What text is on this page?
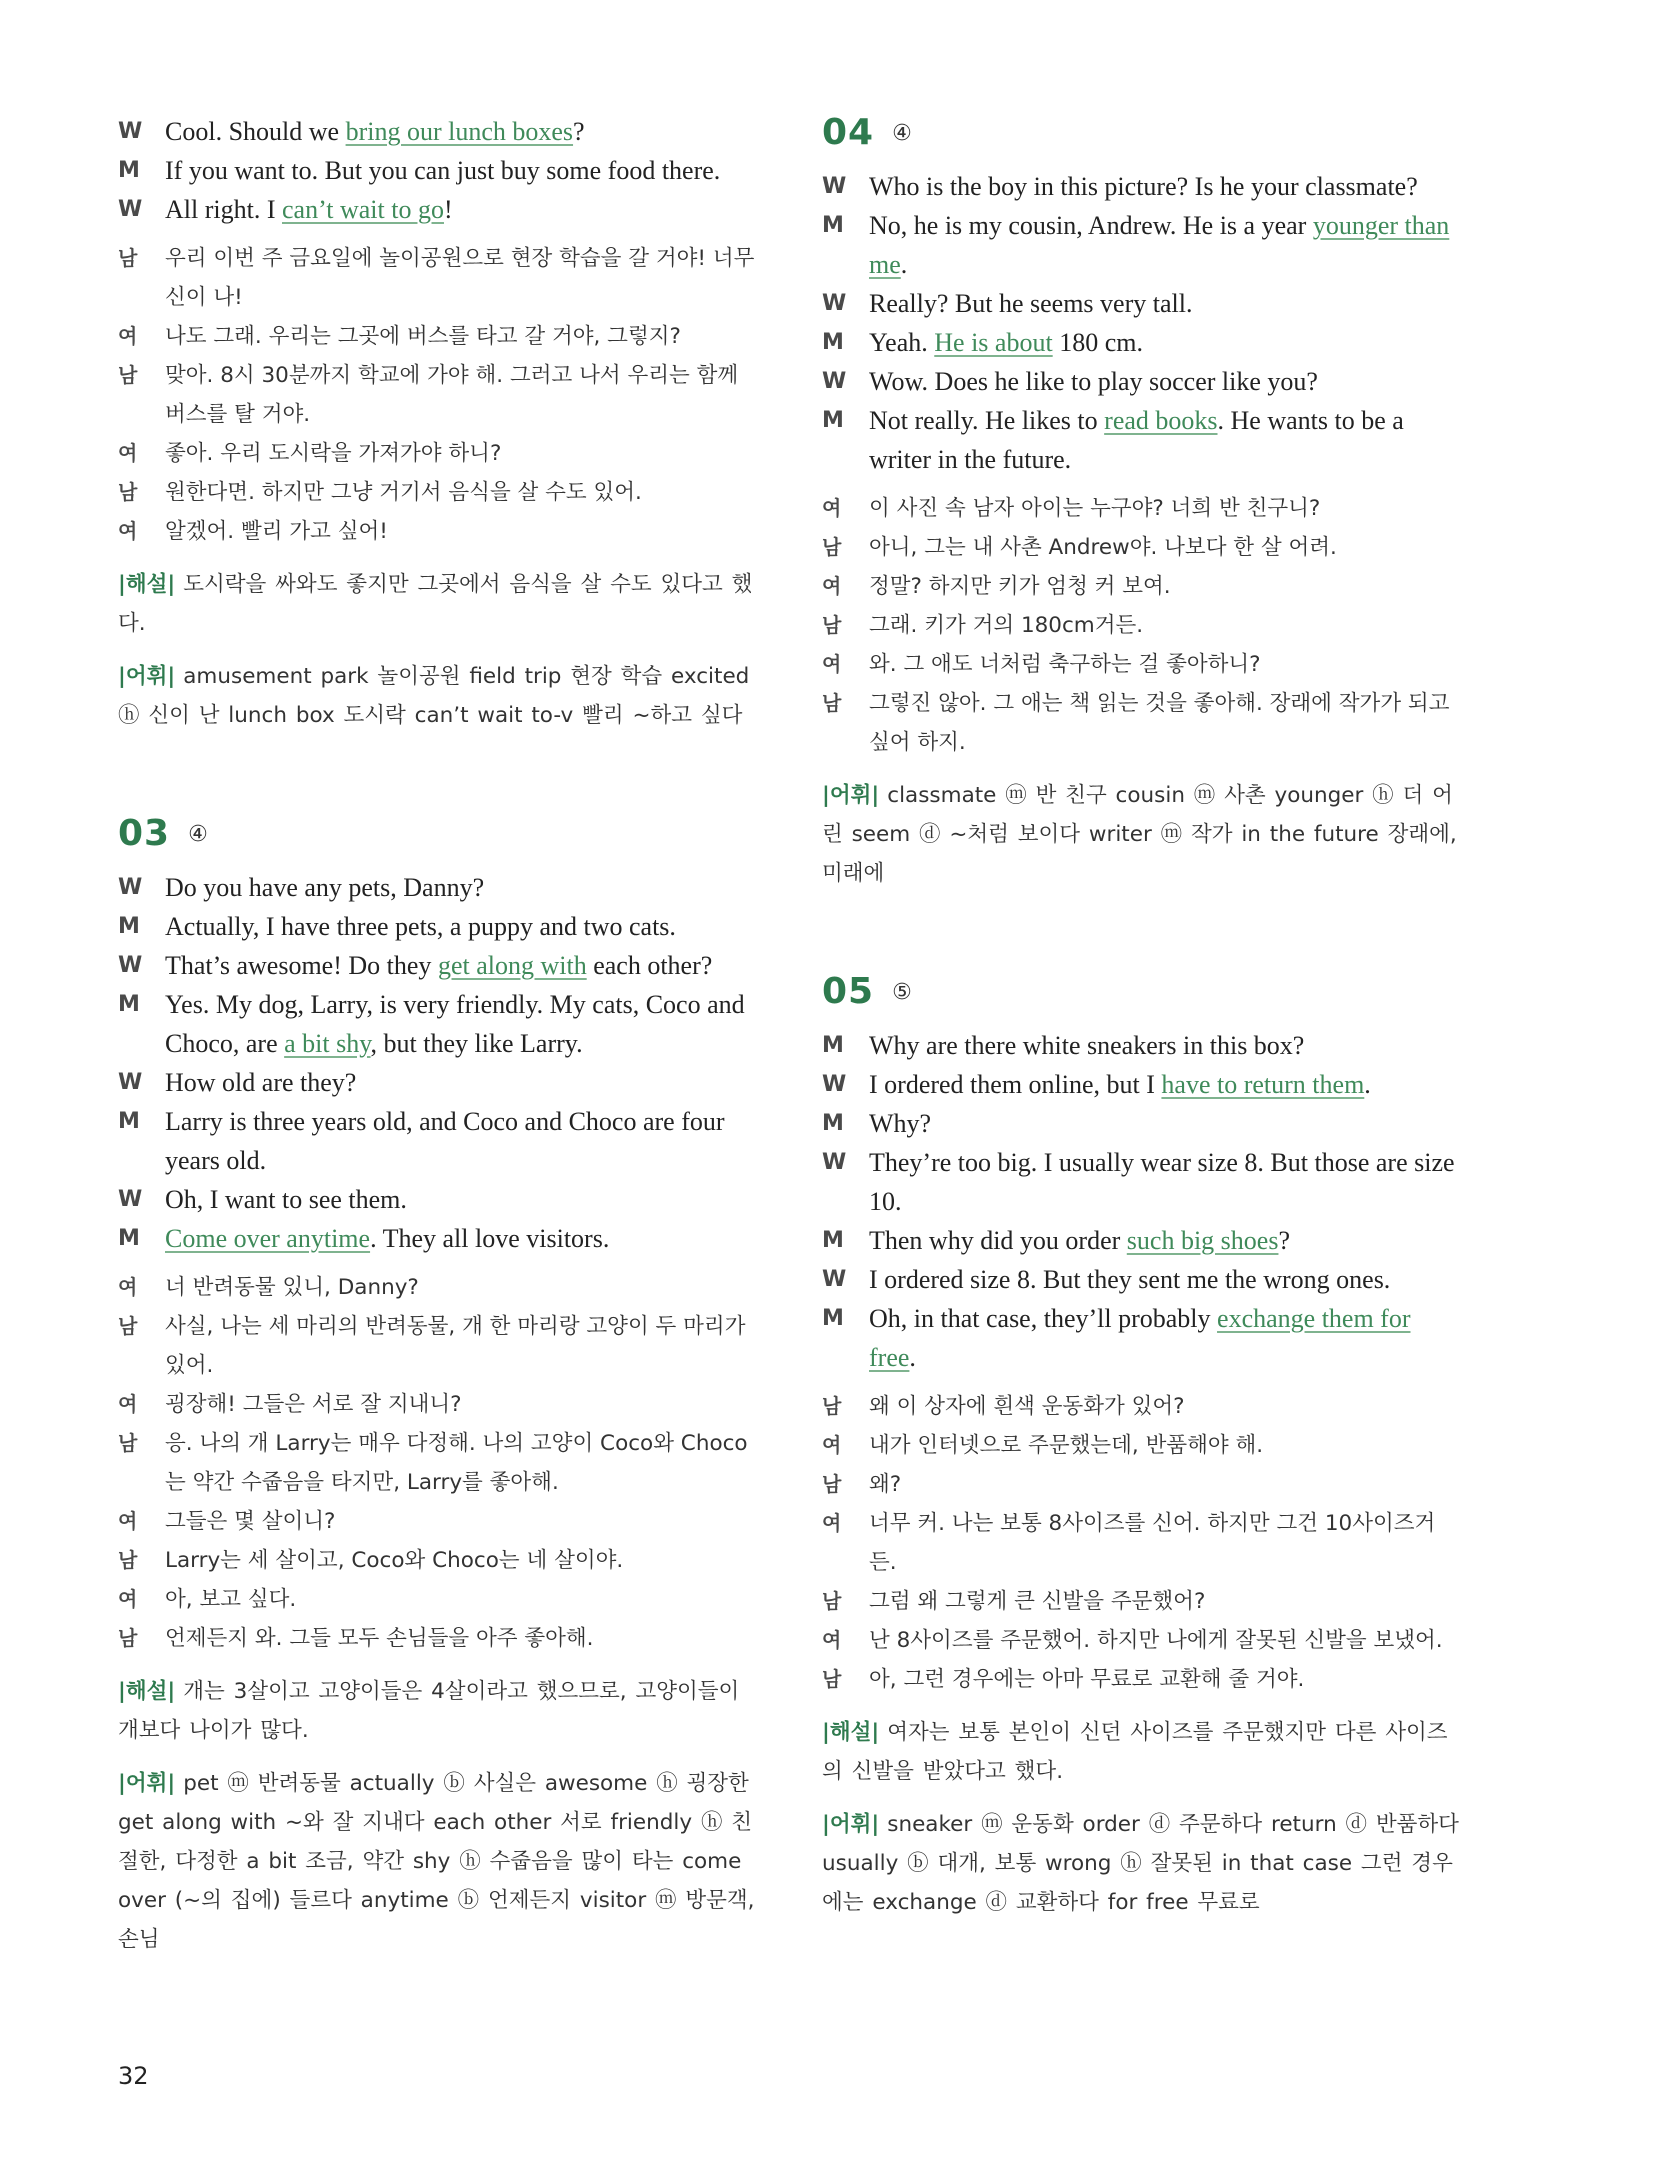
W Cool. Should we bring our lunch boxes?
M If you want to. But you can just buy some food there.
W All right. I can’t wait to go!
남	우리 이번 주 금요일에 놀이공원으로 현장 학습을 갈 거야! 너무 신이 나!
여	나도 그래. 우리는 그곳에 버스를 타고 갈 거야, 그렇지?
남	맞아. 8시 30분까지 학교에 가야 해. 그러고 나서 우리는 함께 버스를 탈 거야.
여	좋아. 우리 도시락을 가져가야 하니?
남	원한다면. 하지만 그냥 거기서 음식을 살 수도 있어.
여	알겠어. 빨리 가고 싶어!
|해설| 도시락을 싸와도 좋지만 그곳에서 음식을 살 수도 있다고 했다.
|어휘| amusement park 놀이공원 field trip 현장 학습 excited ⓗ 신이 난 lunch box 도시락 can’t wait to-v 빨리 ~하고 싶다
03 ④
W Do you have any pets, Danny?
M Actually, I have three pets, a puppy and two cats.
W That’s awesome! Do they get along with each other?
M Yes. My dog, Larry, is very friendly. My cats, Coco and Choco, are a bit shy, but they like Larry.
W How old are they?
M Larry is three years old, and Coco and Choco are four years old.
W Oh, I want to see them.
M Come over anytime. They all love visitors.
여	너 반려동물 있니, Danny?
남	사실, 나는 세 마리의 반려동물, 개 한 마리랑 고양이 두 마리가 있어.
여	굉장해! 그들은 서로 잘 지내니?
남	응. 나의 개 Larry는 매우 다정해. 나의 고양이 Coco와 Choco는 약간 수줍음을 타지만, Larry를 좋아해.
여	그들은 몇 살이니?
남	Larry는 세 살이고, Coco와 Choco는 네 살이야.
여	아, 보고 싶다.
남	언제든지 와. 그들 모두 손님들을 아주 좋아해.
|해설| 개는 3살이고 고양이들은 4살이라고 했으므로, 고양이들이 개보다 나이가 많다.
|어휘| pet ⓜ 반려동물 actually ⓑ 사실은 awesome ⓗ 굉장한 get along with ~와 잘 지내다 each other 서로 friendly ⓗ 친절한, 다정한 a bit 조금, 약간 shy ⓗ 수줍음을 많이 타는 come over (~의 집에) 들르다 anytime ⓑ 언제든지 visitor ⓜ 방문객, 손님
04 ④
W Who is the boy in this picture? Is he your classmate?
M No, he is my cousin, Andrew. He is a year younger than me.
W Really? But he seems very tall.
M Yeah. He is about 180 cm.
W Wow. Does he like to play soccer like you?
M Not really. He likes to read books. He wants to be a writer in the future.
여	이 사진 속 남자 아이는 누구야? 너희 반 친구니?
남	아니, 그는 내 사촌 Andrew야. 나보다 한 살 어려.
여	정말? 하지만 키가 엄청 커 보여.
남	그래. 키가 거의 180cm거든.
여	와. 그 애도 너처럼 축구하는 걸 좋아하니?
남	그렇진 않아. 그 애는 책 읽는 것을 좋아해. 장래에 작가가 되고 싶어 하지.
|어휘| classmate ⓜ 반 친구 cousin ⓜ 사촌 younger ⓗ 더 어린 seem ⓓ ~처럼 보이다 writer ⓜ 작가 in the future 장래에, 미래에
05 ⑤
M Why are there white sneakers in this box?
W I ordered them online, but I have to return them.
M Why?
W They’re too big. I usually wear size 8. But those are size 10.
M Then why did you order such big shoes?
W I ordered size 8. But they sent me the wrong ones.
M Oh, in that case, they’ll probably exchange them for free.
남	왜 이 상자에 흰색 운동화가 있어?
여	내가 인터넷으로 주문했는데, 반품해야 해.
남	왜?
여	너무 커. 나는 보통 8사이즈를 신어. 하지만 그건 10사이즈거든.
남	그럼 왜 그렇게 큰 신발을 주문했어?
여	난 8사이즈를 주문했어. 하지만 나에게 잘못된 신발을 보냈어.
남	아, 그런 경우에는 아마 무료로 교환해 줄 거야.
|해설| 여자는 보통 본인이 신던 사이즈를 주문했지만 다른 사이즈의 신발을 받았다고 했다.
|어휘| sneaker ⓜ 운동화 order ⓓ 주문하다 return ⓓ 반품하다 usually ⓑ 대개, 보통 wrong ⓗ 잘못된 in that case 그런 경우에는 exchange ⓓ 교환하다 for free 무료로
32
